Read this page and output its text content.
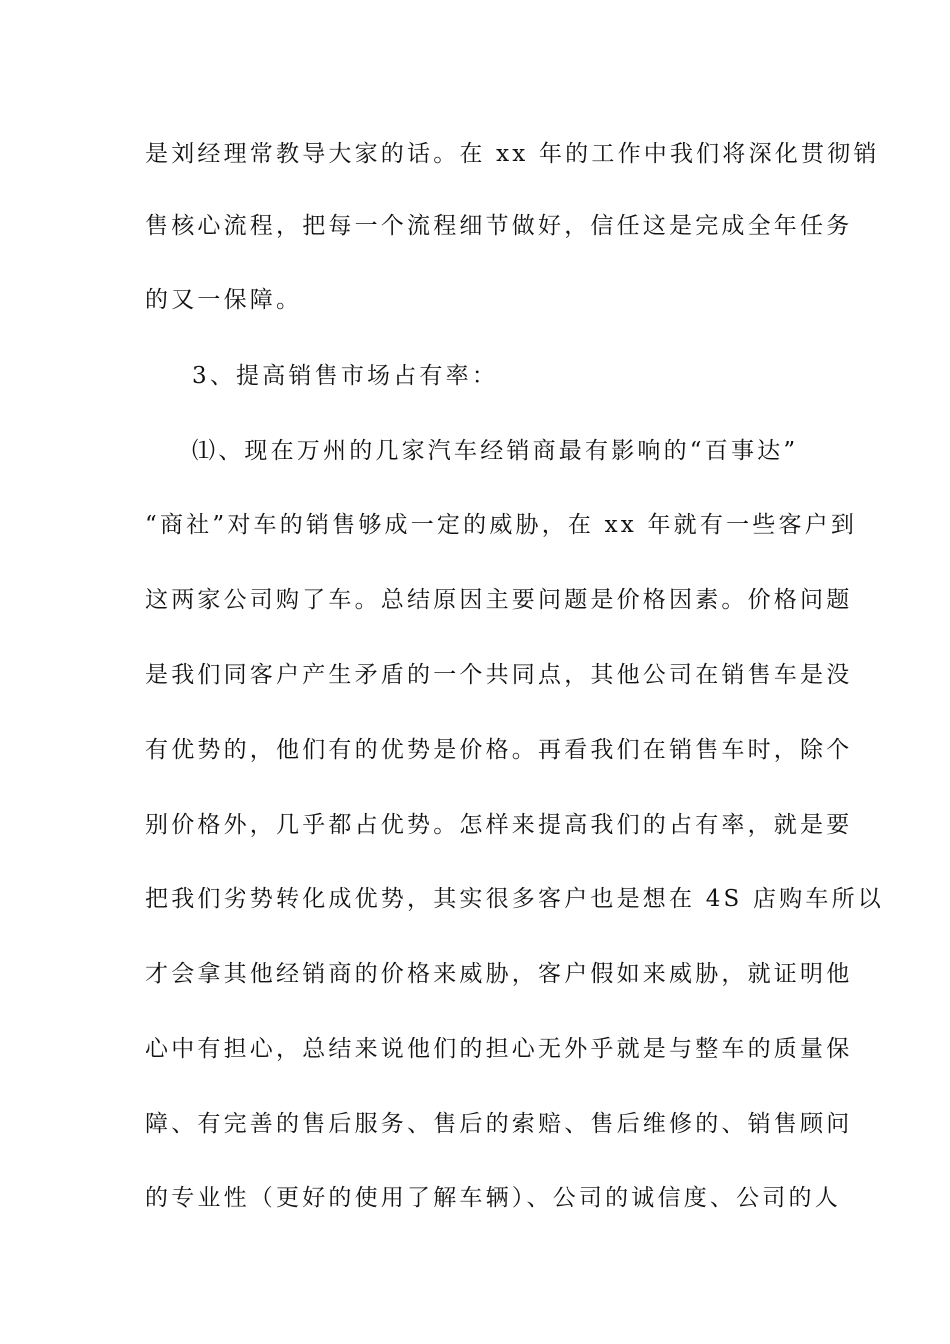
是刘经理常教导大家的话。在 xx 年的工作中我们将深化贯彻销
售核心流程，把每一个流程细节做好，信任这是完成全年任务
的又一保障。
3、提高销售市场占有率：
⑴、现在万州的几家汽车经销商最有影响的“百事达”
“商社”对车的销售够成一定的威胁，在 xx 年就有一些客户到
这两家公司购了车。总结原因主要问题是价格因素。价格问题
是我们同客户产生矛盾的一个共同点，其他公司在销售车是没
有优势的，他们有的优势是价格。再看我们在销售车时，除个
别价格外，几乎都占优势。怎样来提高我们的占有率，就是要
把我们劣势转化成优势，其实很多客户也是想在 4S 店购车所以
才会拿其他经销商的价格来威胁，客户假如来威胁，就证明他
心中有担心，总结来说他们的担心无外乎就是与整车的质量保
障、有完善的售后服务、售后的索赔、售后维修的、销售顾问
的专业性（更好的使用了解车辆）、公司的诚信度、公司的人
